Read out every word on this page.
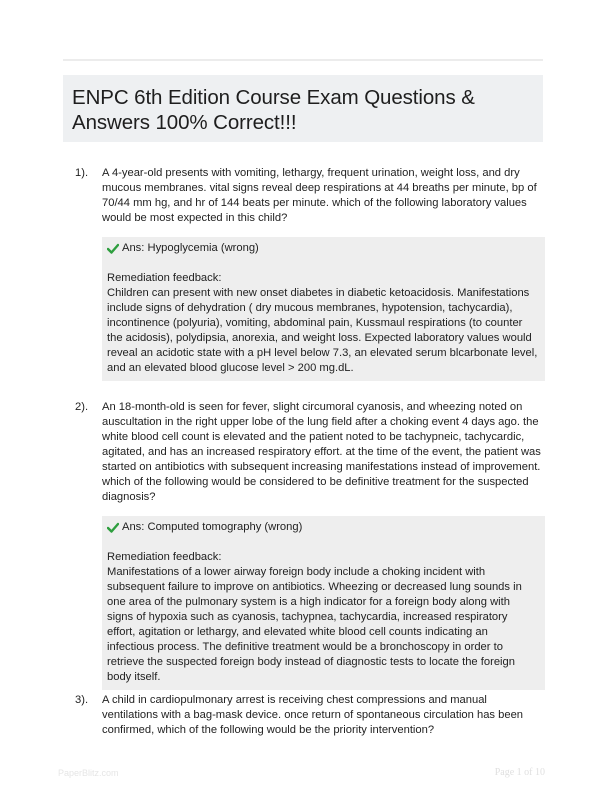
ENPC 6th Edition Course Exam Questions & Answers 100% Correct!!!
1). A 4-year-old presents with vomiting, lethargy, frequent urination, weight loss, and dry mucous membranes. vital signs reveal deep respirations at 44 breaths per minute, bp of 70/44 mm hg, and hr of 144 beats per minute. which of the following laboratory values would be most expected in this child?
Ans: Hypoglycemia (wrong)
Remediation feedback:
Children can present with new onset diabetes in diabetic ketoacidosis. Manifestations include signs of dehydration ( dry mucous membranes, hypotension, tachycardia), incontinence (polyuria), vomiting, abdominal pain, Kussmaul respirations (to counter the acidosis), polydipsia, anorexia, and weight loss. Expected laboratory values would reveal an acidotic state with a pH level below 7.3, an elevated serum blcarbonate level, and an elevated blood glucose level > 200 mg.dL.
2). An 18-month-old is seen for fever, slight circumoral cyanosis, and wheezing noted on auscultation in the right upper lobe of the lung field after a choking event 4 days ago. the white blood cell count is elevated and the patient noted to be tachypneic, tachycardic, agitated, and has an increased respiratory effort. at the time of the event, the patient was started on antibiotics with subsequent increasing manifestations instead of improvement. which of the following would be considered to be definitive treatment for the suspected diagnosis?
Ans: Computed tomography (wrong)
Remediation feedback:
Manifestations of a lower airway foreign body include a choking incident with subsequent failure to improve on antibiotics. Wheezing or decreased lung sounds in one area of the pulmonary system is a high indicator for a foreign body along with signs of hypoxia such as cyanosis, tachypnea, tachycardia, increased respiratory effort, agitation or lethargy, and elevated white blood cell counts indicating an infectious process. The definitive treatment would be a bronchoscopy in order to retrieve the suspected foreign body instead of diagnostic tests to locate the foreign body itself.
3). A child in cardiopulmonary arrest is receiving chest compressions and manual ventilations with a bag-mask device. once return of spontaneous circulation has been confirmed, which of the following would be the priority intervention?
PaperBlitz.com	Page 1 of 10
